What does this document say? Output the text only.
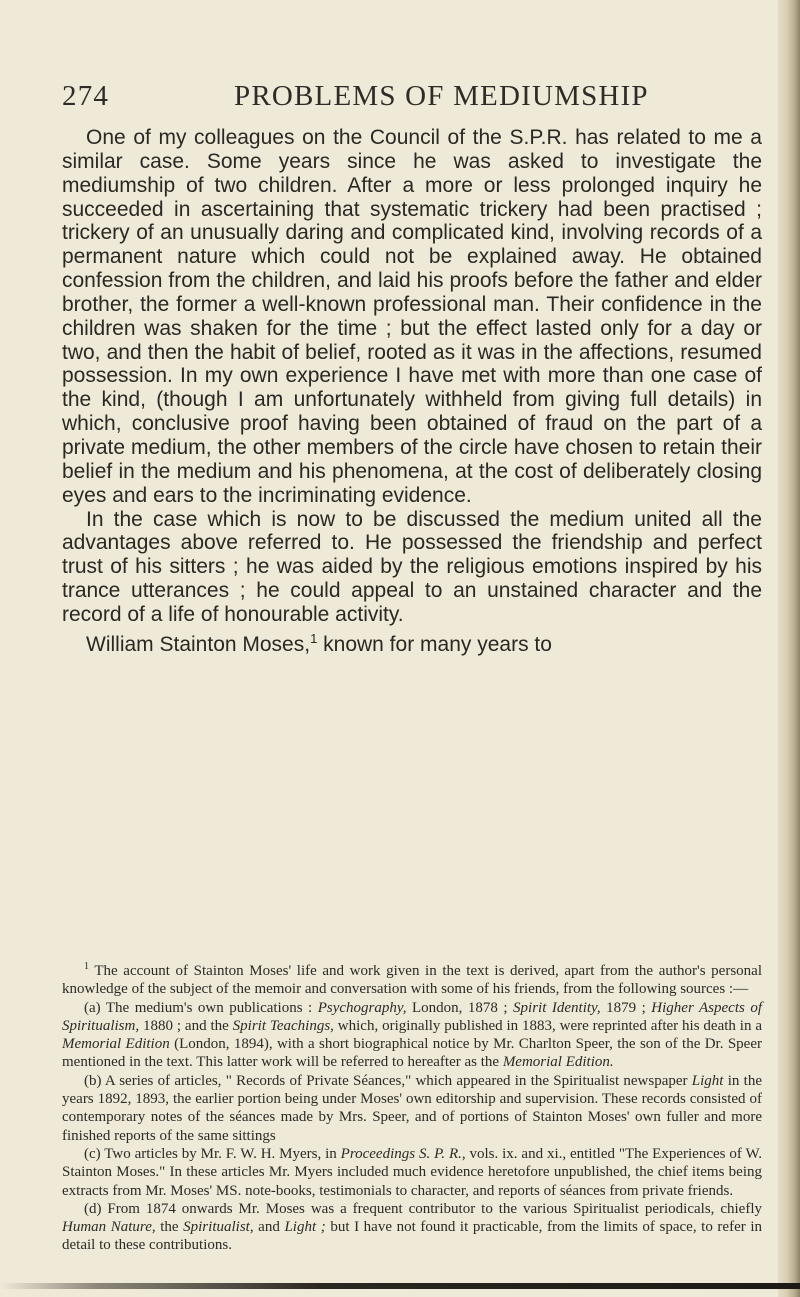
274	PROBLEMS OF MEDIUMSHIP

One of my colleagues on the Council of the S.P.R. has related to me a similar case. Some years since he was asked to investigate the mediumship of two children. After a more or less prolonged inquiry he succeeded in ascertaining that systematic trickery had been practised ; trickery of an unusually daring and complicated kind, involving records of a permanent nature which could not be explained away. He obtained confession from the children, and laid his proofs before the father and elder brother, the former a well-known professional man. Their confidence in the children was shaken for the time ; but the effect lasted only for a day or two, and then the habit of belief, rooted as it was in the affections, resumed possession. In my own experience I have met with more than one case of the kind, (though I am unfortunately withheld from giving full details) in which, conclusive proof having been obtained of fraud on the part of a private medium, the other members of the circle have chosen to retain their belief in the medium and his phenomena, at the cost of deliberately closing eyes and ears to the incriminating evidence.

In the case which is now to be discussed the medium united all the advantages above referred to. He possessed the friendship and perfect trust of his sitters ; he was aided by the religious emotions inspired by his trance utterances ; he could appeal to an unstained character and the record of a life of honourable activity.

William Stainton Moses,$^1$ known for many years to

$^1$ The account of Stainton Moses' life and work given in the text is derived, apart from the author's personal knowledge of the subject of the memoir and conversation with some of his friends, from the following sources :—

(a) The medium's own publications : Psychography, London, 1878 ; Spirit Identity, 1879 ; Higher Aspects of Spiritualism, 1880 ; and the Spirit Teachings, which, originally published in 1883, were reprinted after his death in a Memorial Edition (London, 1894), with a short biographical notice by Mr. Charlton Speer, the son of the Dr. Speer mentioned in the text. This latter work will be referred to hereafter as the Memorial Edition.

(b) A series of articles, " Records of Private Séances," which appeared in the Spiritualist newspaper Light in the years 1892, 1893, the earlier portion being under Moses' own editorship and supervision. These records consisted of contemporary notes of the séances made by Mrs. Speer, and of portions of Stainton Moses' own fuller and more finished reports of the same sittings

(c) Two articles by Mr. F. W. H. Myers, in Proceedings S. P. R., vols. ix. and xi., entitled "The Experiences of W. Stainton Moses." In these articles Mr. Myers included much evidence heretofore unpublished, the chief items being extracts from Mr. Moses' MS. note-books, testimonials to character, and reports of séances from private friends.

(d) From 1874 onwards Mr. Moses was a frequent contributor to the various Spiritualist periodicals, chiefly Human Nature, the Spiritualist, and Light ; but I have not found it practicable, from the limits of space, to refer in detail to these contributions.
